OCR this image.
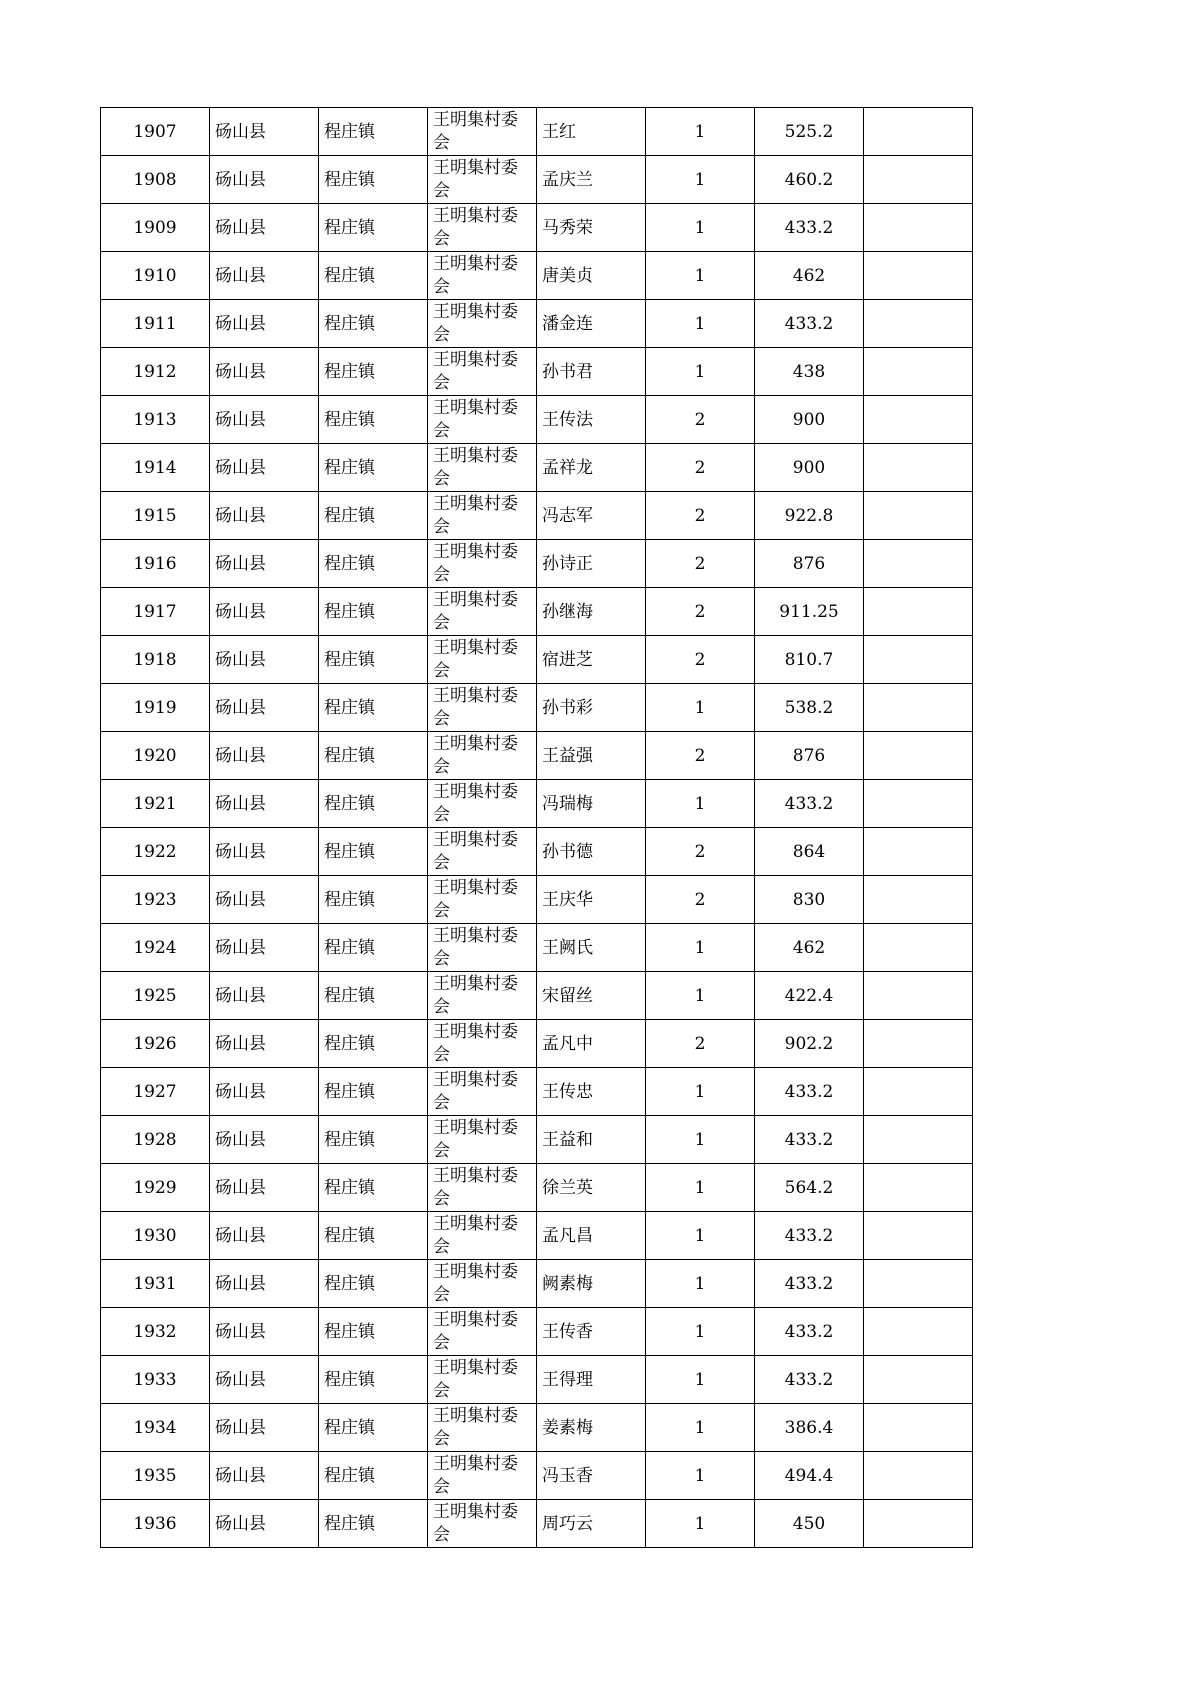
1907	砀山县	程庄镇	王明集村委会	王红	1	525.2	
1908	砀山县	程庄镇	王明集村委会	孟庆兰	1	460.2	
1909	砀山县	程庄镇	王明集村委会	马秀荣	1	433.2	
1910	砀山县	程庄镇	王明集村委会	唐美贞	1	462	
1911	砀山县	程庄镇	王明集村委会	潘金连	1	433.2	
1912	砀山县	程庄镇	王明集村委会	孙书君	1	438	
1913	砀山县	程庄镇	王明集村委会	王传法	2	900	
1914	砀山县	程庄镇	王明集村委会	孟祥龙	2	900	
1915	砀山县	程庄镇	王明集村委会	冯志军	2	922.8	
1916	砀山县	程庄镇	王明集村委会	孙诗正	2	876	
1917	砀山县	程庄镇	王明集村委会	孙继海	2	911.25	
1918	砀山县	程庄镇	王明集村委会	宿进芝	2	810.7	
1919	砀山县	程庄镇	王明集村委会	孙书彩	1	538.2	
1920	砀山县	程庄镇	王明集村委会	王益强	2	876	
1921	砀山县	程庄镇	王明集村委会	冯瑞梅	1	433.2	
1922	砀山县	程庄镇	王明集村委会	孙书德	2	864	
1923	砀山县	程庄镇	王明集村委会	王庆华	2	830	
1924	砀山县	程庄镇	王明集村委会	王阙氏	1	462	
1925	砀山县	程庄镇	王明集村委会	宋留丝	1	422.4	
1926	砀山县	程庄镇	王明集村委会	孟凡中	2	902.2	
1927	砀山县	程庄镇	王明集村委会	王传忠	1	433.2	
1928	砀山县	程庄镇	王明集村委会	王益和	1	433.2	
1929	砀山县	程庄镇	王明集村委会	徐兰英	1	564.2	
1930	砀山县	程庄镇	王明集村委会	孟凡昌	1	433.2	
1931	砀山县	程庄镇	王明集村委会	阙素梅	1	433.2	
1932	砀山县	程庄镇	王明集村委会	王传香	1	433.2	
1933	砀山县	程庄镇	王明集村委会	王得理	1	433.2	
1934	砀山县	程庄镇	王明集村委会	姜素梅	1	386.4	
1935	砀山县	程庄镇	王明集村委会	冯玉香	1	494.4	
1936	砀山县	程庄镇	王明集村委会	周巧云	1	450	
